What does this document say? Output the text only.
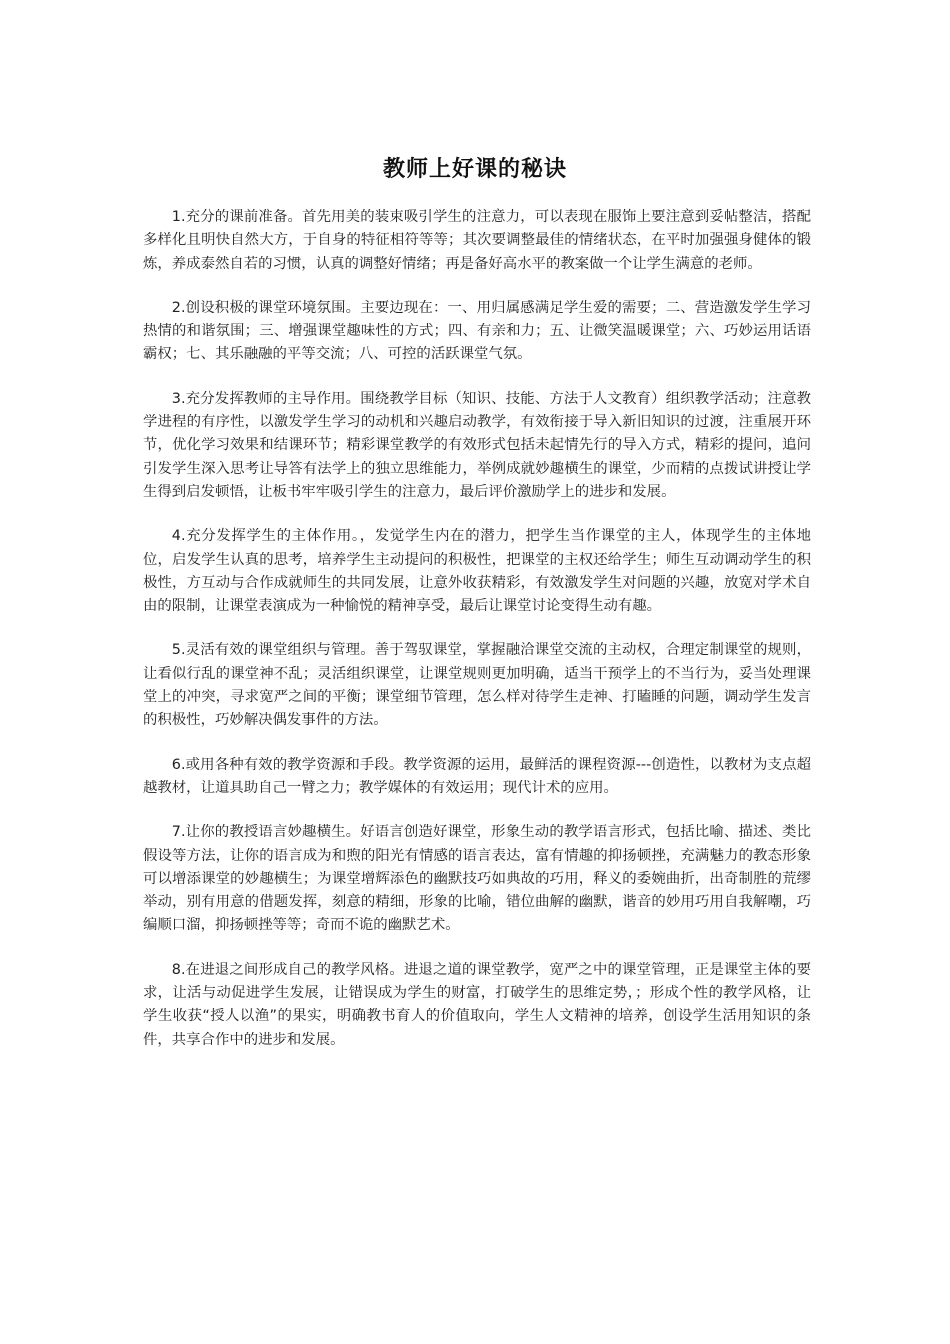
教师上好课的秘诀

1.充分的课前准备。首先用美的装束吸引学生的注意力，可以表现在服饰上要注意到妥帖整洁，搭配多样化且明快自然大方，于自身的特征相符等等；其次要调整最佳的情绪状态，在平时加强强身健体的锻炼，养成泰然自若的习惯，认真的调整好情绪；再是备好高水平的教案做一个让学生满意的老师。

2.创设积极的课堂环境氛围。主要边现在：一、用归属感满足学生爱的需要；二、营造激发学生学习热情的和谐氛围；三、增强课堂趣味性的方式；四、有亲和力；五、让微笑温暖课堂；六、巧妙运用话语霸权；七、其乐融融的平等交流；八、可控的活跃课堂气氛。

3.充分发挥教师的主导作用。围绕教学目标（知识、技能、方法于人文教育）组织教学活动；注意教学进程的有序性，以激发学生学习的动机和兴趣启动教学，有效衔接于导入新旧知识的过渡，注重展开环节，优化学习效果和结课环节；精彩课堂教学的有效形式包括未起情先行的导入方式，精彩的提问，追问引发学生深入思考让导答有法学上的独立思维能力，举例成就妙趣横生的课堂，少而精的点拨试讲授让学生得到启发顿悟，让板书牢牢吸引学生的注意力，最后评价激励学上的进步和发展。

4.充分发挥学生的主体作用。，发觉学生内在的潜力，把学生当作课堂的主人，体现学生的主体地位，启发学生认真的思考，培养学生主动提问的积极性，把课堂的主权还给学生；师生互动调动学生的积极性，方互动与合作成就师生的共同发展，让意外收获精彩，有效激发学生对问题的兴趣，放宽对学术自由的限制，让课堂表演成为一种愉悦的精神享受，最后让课堂讨论变得生动有趣。

5.灵活有效的课堂组织与管理。善于驾驭课堂，掌握融洽课堂交流的主动权，合理定制课堂的规则，让看似行乱的课堂神不乱；灵活组织课堂，让课堂规则更加明确，适当干预学上的不当行为，妥当处理课堂上的冲突，寻求宽严之间的平衡；课堂细节管理，怎么样对待学生走神、打瞌睡的问题，调动学生发言的积极性，巧妙解决偶发事件的方法。

6.或用各种有效的教学资源和手段。教学资源的运用，最鲜活的课程资源---创造性，以教材为支点超越教材，让道具助自己一臂之力；教学媒体的有效运用；现代计术的应用。

7.让你的教授语言妙趣横生。好语言创造好课堂，形象生动的教学语言形式，包括比喻、描述、类比假设等方法，让你的语言成为和煦的阳光有情感的语言表达，富有情趣的抑扬顿挫，充满魅力的教态形象可以增添课堂的妙趣横生；为课堂增辉添色的幽默技巧如典故的巧用，释义的委婉曲折，出奇制胜的荒缪举动，别有用意的借题发挥，刻意的精细，形象的比喻，错位曲解的幽默，谐音的妙用巧用自我解嘲，巧编顺口溜，抑扬顿挫等等；奇而不诡的幽默艺术。

8.在进退之间形成自己的教学风格。进退之道的课堂教学，宽严之中的课堂管理，正是课堂主体的要求，让活与动促进学生发展，让错误成为学生的财富，打破学生的思维定势，；形成个性的教学风格，让学生收获“授人以渔”的果实，明确教书育人的价值取向，学生人文精神的培养，创设学生活用知识的条件，共享合作中的进步和发展。
